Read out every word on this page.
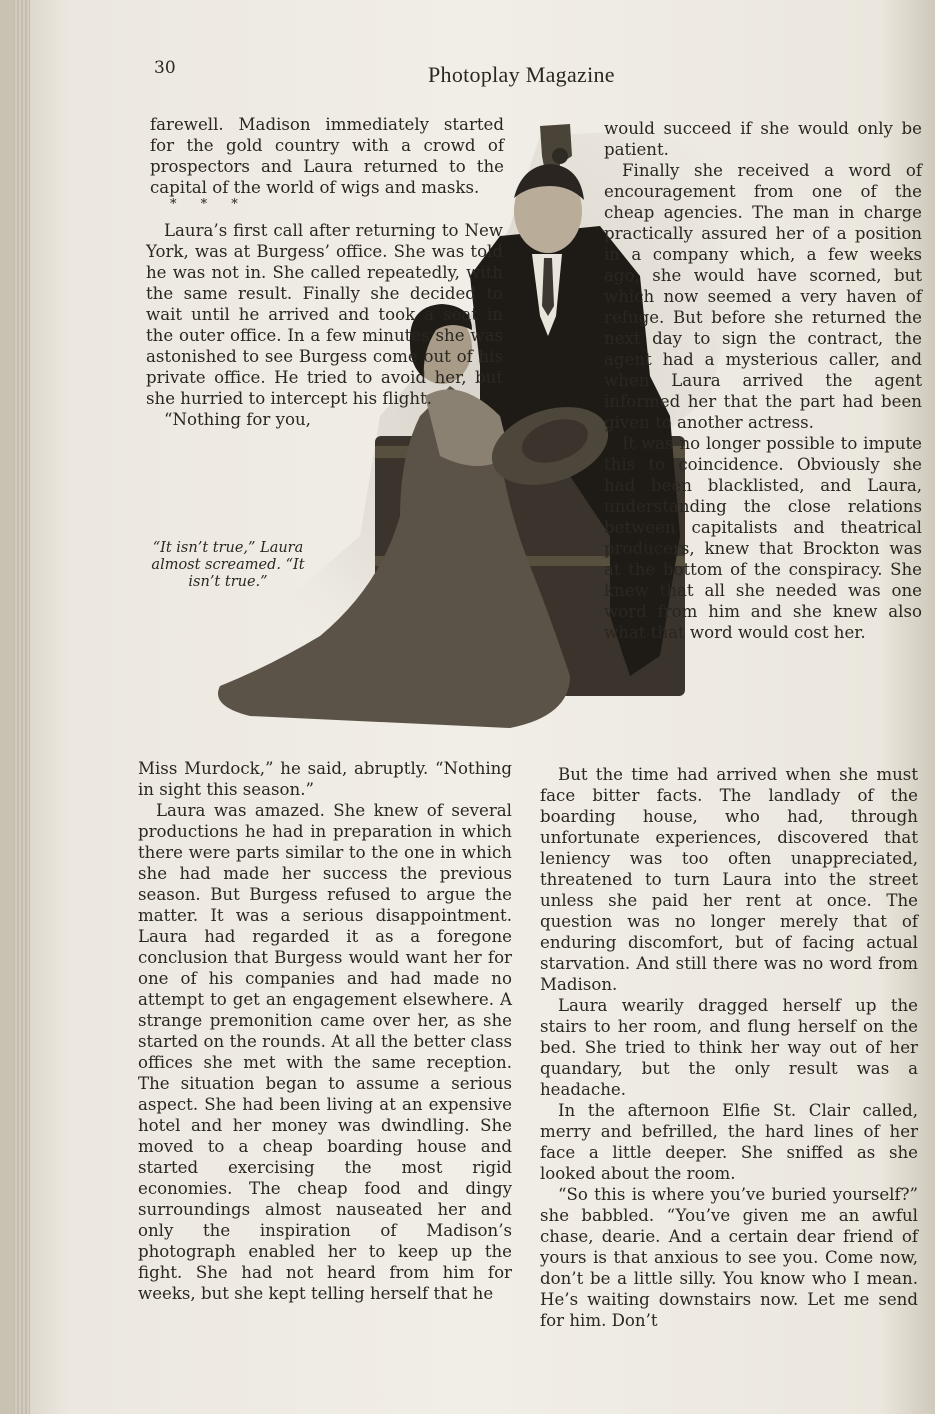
30	Photoplay Magazine

farewell. Madison immediately started for the gold country with a crowd of prospectors and Laura returned to the capital of the world of wigs and masks.

* * *

Laura’s first call after returning to New York, was at Burgess’ office. She was told he was not in. She called repeatedly, with the same result. Finally she decided to wait until he arrived and took a seat in the outer office. In a few minutes she was astonished to see Burgess come out of his private office. He tried to avoid her, but she hurried to intercept his flight.

“Nothing for you,

“It isn’t true,” Laura almost screamed. “It isn’t true.”

Miss Murdock,” he said, abruptly. “Nothing in sight this season.”

Laura was amazed. She knew of several productions he had in preparation in which there were parts similar to the one in which she had made her success the previous season. But Burgess refused to argue the matter. It was a serious disappointment. Laura had regarded it as a foregone conclusion that Burgess would want her for one of his companies and had made no attempt to get an engagement elsewhere. A strange premonition came over her, as she started on the rounds. At all the better class offices she met with the same reception. The situation began to assume a serious aspect. She had been living at an expensive hotel and her money was dwindling. She moved to a cheap boarding house and started exercising the most rigid economies. The cheap food and dingy surroundings almost nauseated her and only the inspiration of Madison’s photograph enabled her to keep up the fight. She had not heard from him for weeks, but she kept telling herself that he

would succeed if she would only be patient.

Finally she received a word of encouragement from one of the cheap agencies. The man in charge practically assured her of a position in a company which, a few weeks ago, she would have scorned, but which now seemed a very haven of refuge. But before she returned the next day to sign the contract, the agent had a mysterious caller, and when Laura arrived the agent informed her that the part had been given to another actress.

It was no longer possible to impute this to coincidence. Obviously she had been blacklisted, and Laura, understanding the close relations between capitalists and theatrical producers, knew that Brockton was at the bottom of the conspiracy. She knew that all she needed was one word from him and she knew also what that word would cost her.

But the time had arrived when she must face bitter facts. The landlady of the boarding house, who had, through unfortunate experiences, discovered that leniency was too often unappreciated, threatened to turn Laura into the street unless she paid her rent at once. The question was no longer merely that of enduring discomfort, but of facing actual starvation. And still there was no word from Madison.

Laura wearily dragged herself up the stairs to her room, and flung herself on the bed. She tried to think her way out of her quandary, but the only result was a headache.

In the afternoon Elfie St. Clair called, merry and befrilled, the hard lines of her face a little deeper. She sniffed as she looked about the room.

“So this is where you’ve buried yourself?” she babbled. “You’ve given me an awful chase, dearie. And a certain dear friend of yours is that anxious to see you. Come now, don’t be a little silly. You know who I mean. He’s waiting downstairs now. Let me send for him. Don’t
